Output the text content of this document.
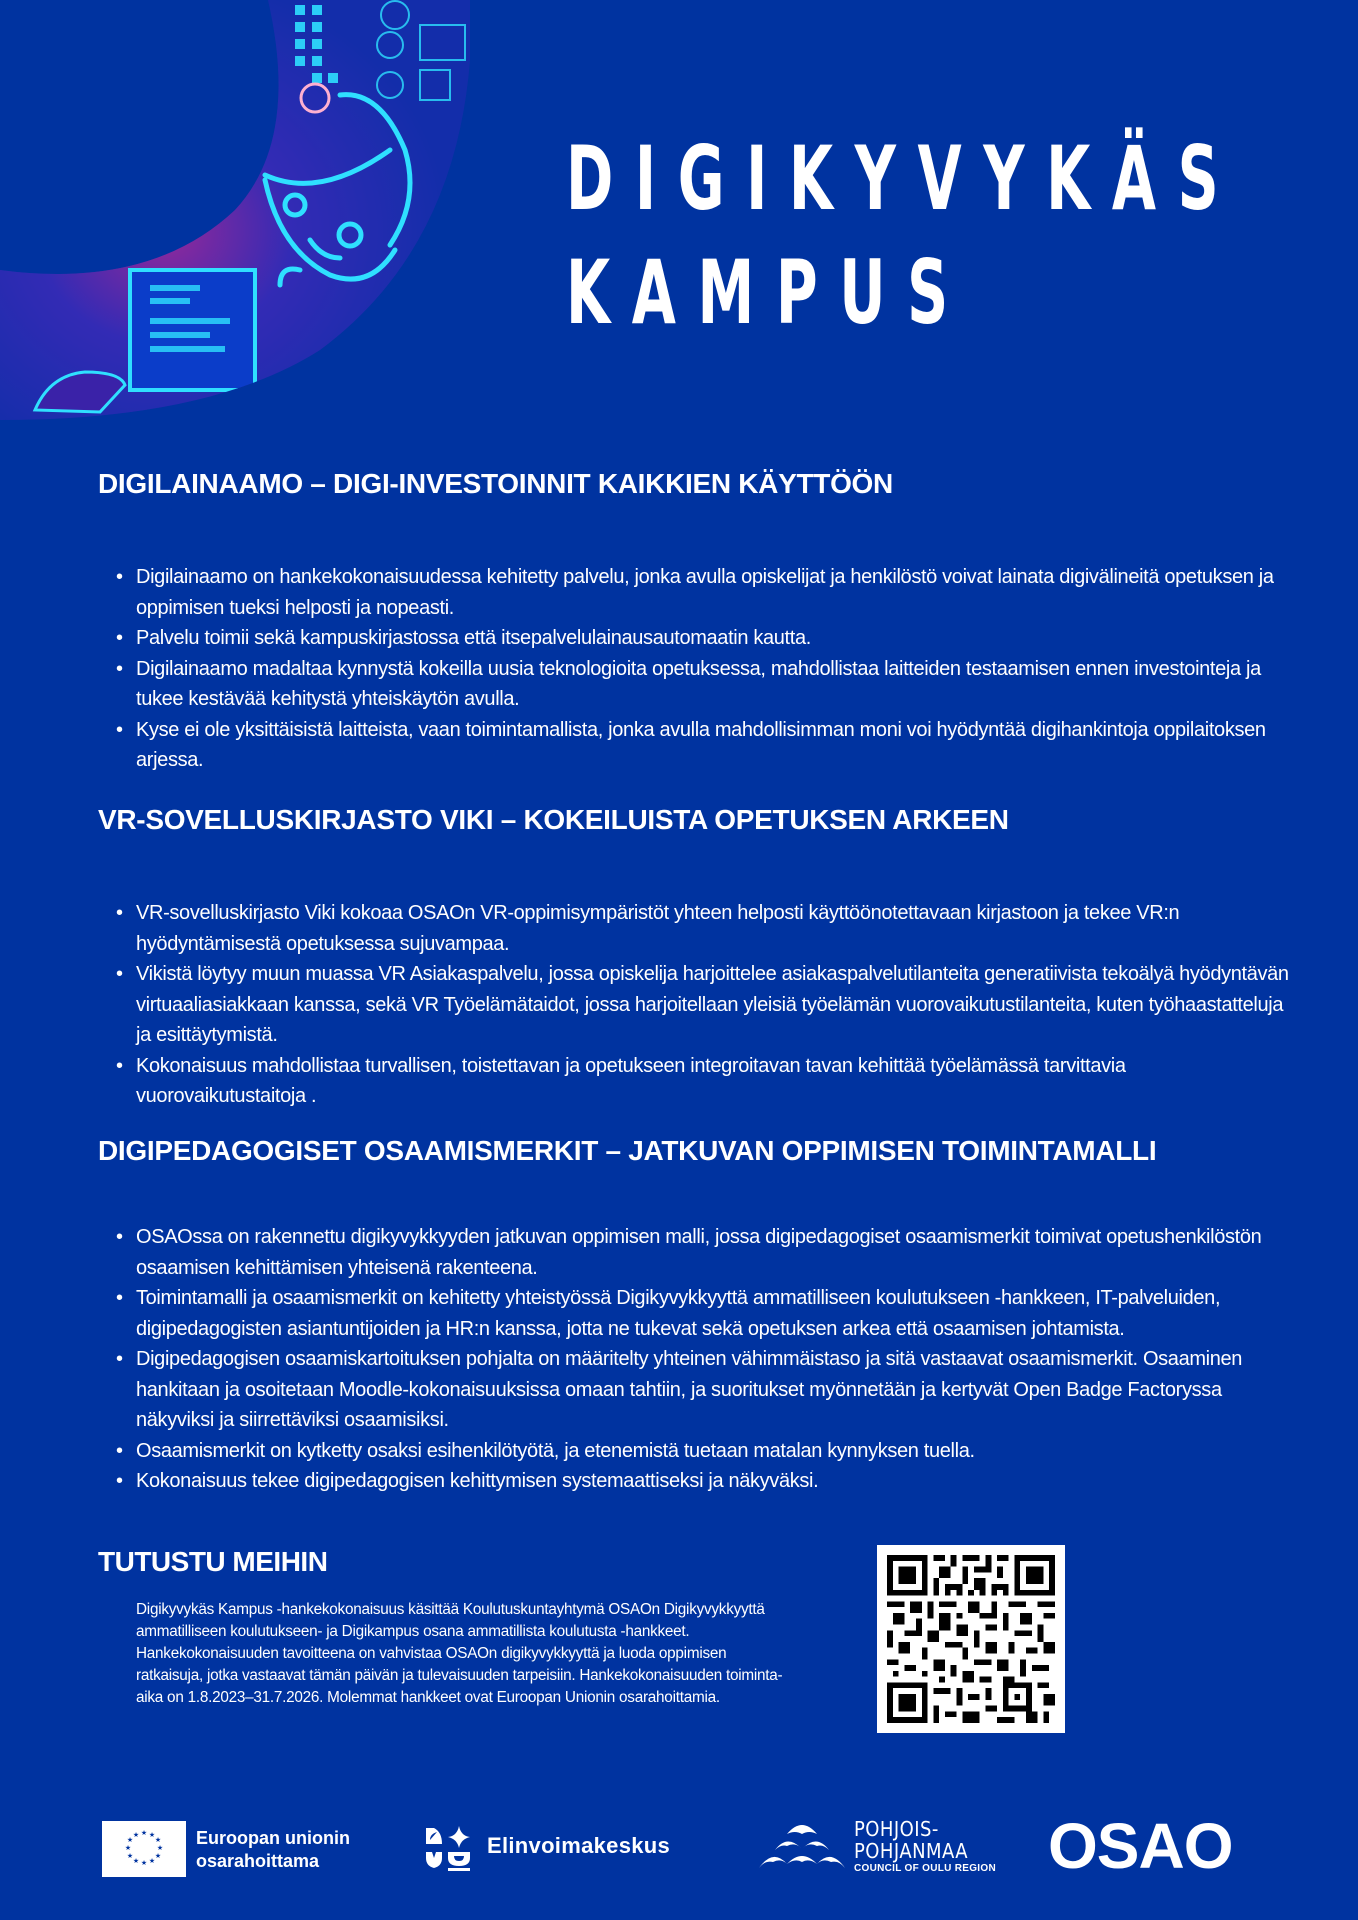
DIGIKYVYKÄS
KAMPUS
DIGILAINAAMO – DIGI-INVESTOINNIT KAIKKIEN KÄYTTÖÖN
• Digilainaamo on hankekokonaisuudessa kehitetty palvelu, jonka avulla opiskelijat ja henkilöstö voivat lainata digivälineitä opetuksen ja oppimisen tueksi helposti ja nopeasti.
• Palvelu toimii sekä kampuskirjastossa että itsepalvelulainausautomaatin kautta.
• Digilainaamo madaltaa kynnystä kokeilla uusia teknologioita opetuksessa, mahdollistaa laitteiden testaamisen ennen investointeja ja tukee kestävää kehitystä yhteiskäytön avulla.
• Kyse ei ole yksittäisistä laitteista, vaan toimintamallista, jonka avulla mahdollisimman moni voi hyödyntää digihankintoja oppilaitoksen arjessa.
VR-SOVELLUSKIRJASTO VIKI – KOKEILUISTA OPETUKSEN ARKEEN
• VR-sovelluskirjasto Viki kokoaa OSAOn VR-oppimisympäristöt yhteen helposti käyttöönotettavaan kirjastoon ja tekee VR:n hyödyntämisestä opetuksessa sujuvampaa.
• Vikistä löytyy muun muassa VR Asiakaspalvelu, jossa opiskelija harjoittelee asiakaspalvelutilanteita generatiivista tekoälyä hyödyntävän virtuaaliasiakkaan kanssa, sekä VR Työelämätaidot, jossa harjoitellaan yleisiä työelämän vuorovaikutustilanteita, kuten työhaastatteluja ja esittäytymistä.
• Kokonaisuus mahdollistaa turvallisen, toistettavan ja opetukseen integroitavan tavan kehittää työelämässä tarvittavia vuorovaikutustaitoja .
DIGIPEDAGOGISET OSAAMISMERKIT – JATKUVAN OPPIMISEN TOIMINTAMALLI
• OSAOssa on rakennettu digikyvykkyyden jatkuvan oppimisen malli, jossa digipedagogiset osaamismerkit toimivat opetushenkilöstön osaamisen kehittämisen yhteisenä rakenteena.
• Toimintamalli ja osaamismerkit on kehitetty yhteistyössä Digikyvykkyyttä ammatilliseen koulutukseen -hankkeen, IT-palveluiden, digipedagogisten asiantuntijoiden ja HR:n kanssa, jotta ne tukevat sekä opetuksen arkea että osaamisen johtamista.
• Digipedagogisen osaamiskartoituksen pohjalta on määritelty yhteinen vähimmäistaso ja sitä vastaavat osaamismerkit. Osaaminen hankitaan ja osoitetaan Moodle-kokonaisuuksissa omaan tahtiin, ja suoritukset myönnetään ja kertyvät Open Badge Factoryssa näkyviksi ja siirrettäviksi osaamisiksi.
• Osaamismerkit on kytketty osaksi esihenkilötyötä, ja etenemistä tuetaan matalan kynnyksen tuella.
• Kokonaisuus tekee digipedagogisen kehittymisen systemaattiseksi ja näkyväksi.
TUTUSTU MEIHIN

Digikyvykäs Kampus -hankekokonaisuus käsittää Koulutuskuntayhtymä OSAOn Digikyvykkyyttä ammatilliseen koulutukseen- ja Digikampus osana ammatillista koulutusta -hankkeet. Hankekokonaisuuden tavoitteena on vahvistaa OSAOn digikyvykkyyttä ja luoda oppimisen ratkaisuja, jotka vastaavat tämän päivän ja tulevaisuuden tarpeisiin. Hankekokonaisuuden toiminta-aika on 1.8.2023–31.7.2026. Molemmat hankkeet ovat Euroopan Unionin osarahoittamia.

★ ★
★
★
★
★
★
★
★
★
★
★	Euroopan unionin
osarahoittama
Elinvoimakeskus
POHJOIS-
POHJANMAA
COUNCIL OF OULU REGION OSAO
